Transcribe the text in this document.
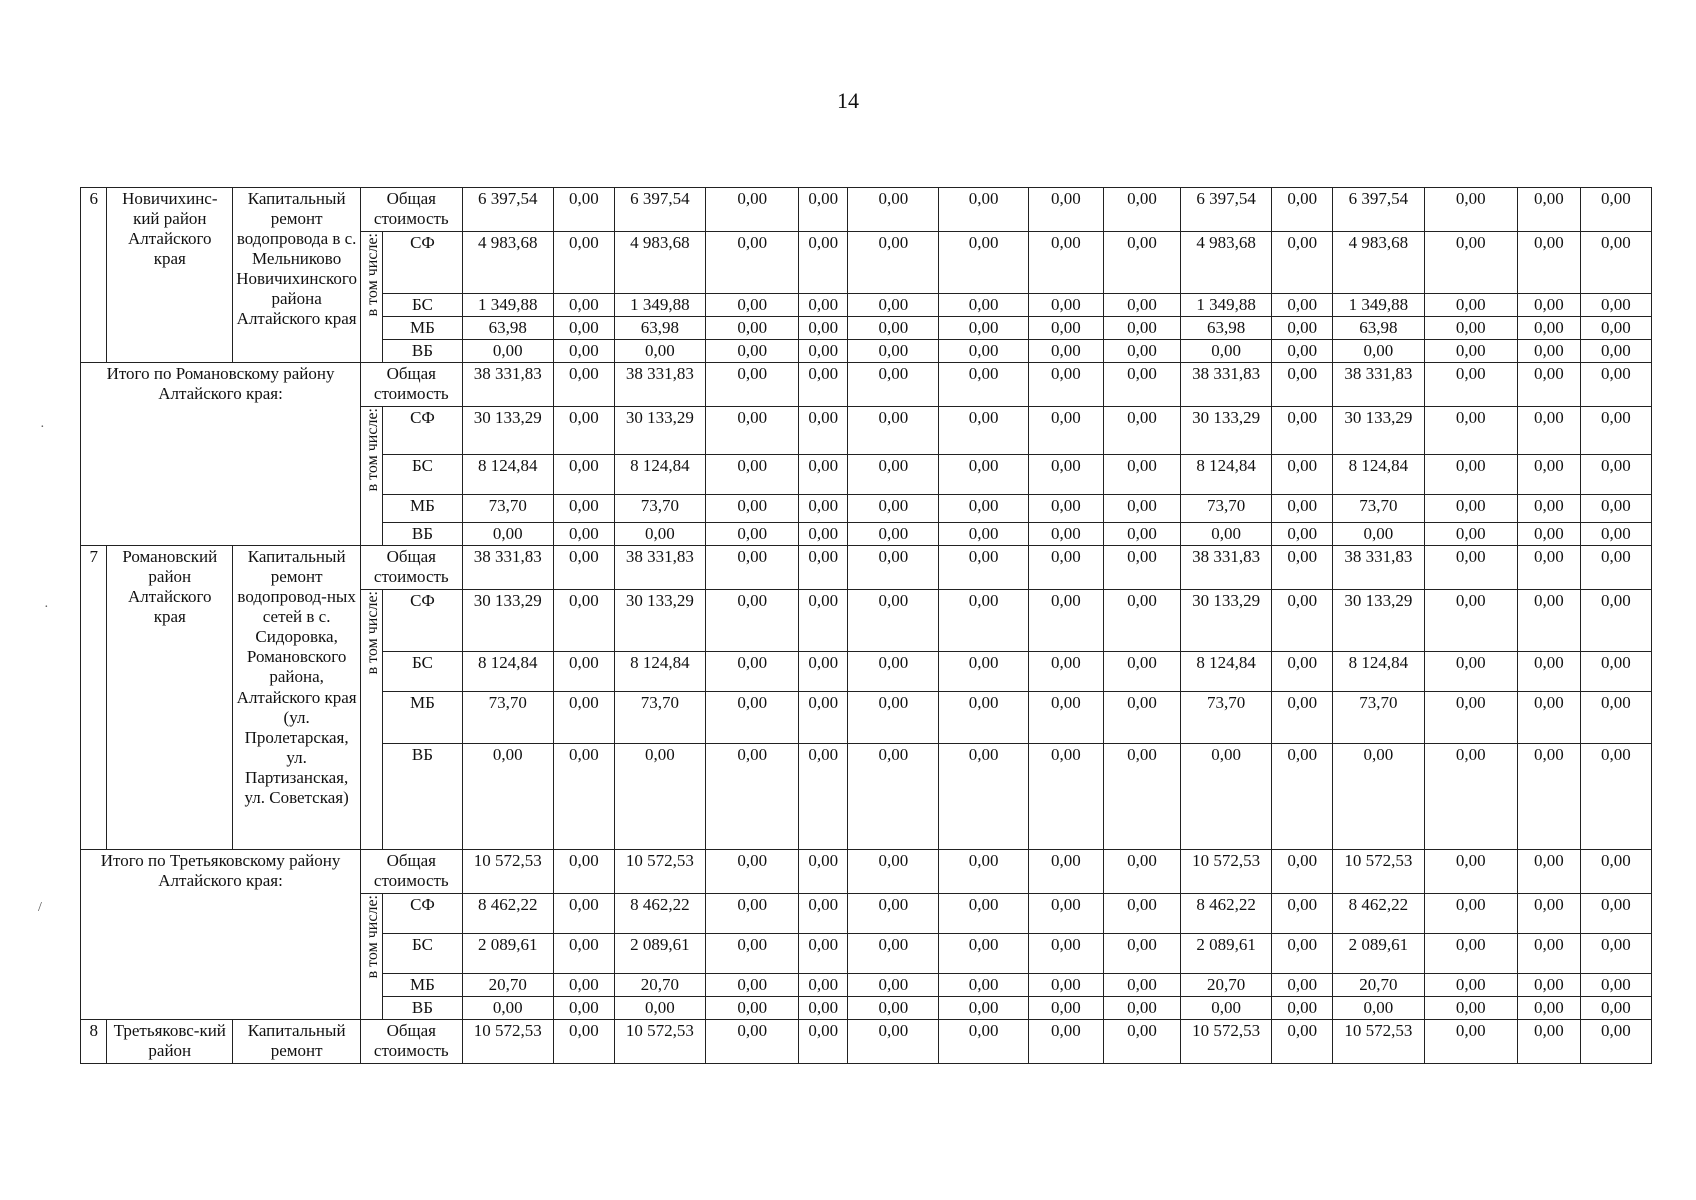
14
6	Новичихинс-кий район Алтайского края	Капитальный ремонт водопровода в с. Мельниково Новичихинского района Алтайского края	Общая стоимость		6 397,54	0,00	6 397,54	0,00	0,00	0,00	0,00	0,00	0,00	6 397,54	0,00	6 397,54	0,00	0,00	0,00
			в том числе:	СФ	4 983,68	0,00	4 983,68	0,00	0,00	0,00	0,00	0,00	0,00	4 983,68	0,00	4 983,68	0,00	0,00	0,00
				БС	1 349,88	0,00	1 349,88	0,00	0,00	0,00	0,00	0,00	0,00	1 349,88	0,00	1 349,88	0,00	0,00	0,00
				МБ	63,98	0,00	63,98	0,00	0,00	0,00	0,00	0,00	0,00	63,98	0,00	63,98	0,00	0,00	0,00
				ВБ	0,00	0,00	0,00	0,00	0,00	0,00	0,00	0,00	0,00	0,00	0,00	0,00	0,00	0,00	0,00
Итого по Романовскому району Алтайского края:			Общая стоимость		38 331,83	0,00	38 331,83	0,00	0,00	0,00	0,00	0,00	0,00	38 331,83	0,00	38 331,83	0,00	0,00	0,00
			в том числе:	СФ	30 133,29	0,00	30 133,29	0,00	0,00	0,00	0,00	0,00	0,00	30 133,29	0,00	30 133,29	0,00	0,00	0,00
				БС	8 124,84	0,00	8 124,84	0,00	0,00	0,00	0,00	0,00	0,00	8 124,84	0,00	8 124,84	0,00	0,00	0,00
				МБ	73,70	0,00	73,70	0,00	0,00	0,00	0,00	0,00	0,00	73,70	0,00	73,70	0,00	0,00	0,00
				ВБ	0,00	0,00	0,00	0,00	0,00	0,00	0,00	0,00	0,00	0,00	0,00	0,00	0,00	0,00	0,00
7	Романовский район Алтайского края	Капитальный ремонт водопровод-ных сетей в с. Сидоровка, Романовского района, Алтайского края (ул. Пролетарская, ул. Партизанская, ул. Советская)	Общая стоимость		38 331,83	0,00	38 331,83	0,00	0,00	0,00	0,00	0,00	0,00	38 331,83	0,00	38 331,83	0,00	0,00	0,00
			в том числе:	СФ	30 133,29	0,00	30 133,29	0,00	0,00	0,00	0,00	0,00	0,00	30 133,29	0,00	30 133,29	0,00	0,00	0,00
				БС	8 124,84	0,00	8 124,84	0,00	0,00	0,00	0,00	0,00	0,00	8 124,84	0,00	8 124,84	0,00	0,00	0,00
				МБ	73,70	0,00	73,70	0,00	0,00	0,00	0,00	0,00	0,00	73,70	0,00	73,70	0,00	0,00	0,00
				ВБ	0,00	0,00	0,00	0,00	0,00	0,00	0,00	0,00	0,00	0,00	0,00	0,00	0,00	0,00	0,00
Итого по Третьяковскому району Алтайского края:			Общая стоимость		10 572,53	0,00	10 572,53	0,00	0,00	0,00	0,00	0,00	0,00	10 572,53	0,00	10 572,53	0,00	0,00	0,00
			в том числе:	СФ	8 462,22	0,00	8 462,22	0,00	0,00	0,00	0,00	0,00	0,00	8 462,22	0,00	8 462,22	0,00	0,00	0,00
				БС	2 089,61	0,00	2 089,61	0,00	0,00	0,00	0,00	0,00	0,00	2 089,61	0,00	2 089,61	0,00	0,00	0,00
				МБ	20,70	0,00	20,70	0,00	0,00	0,00	0,00	0,00	0,00	20,70	0,00	20,70	0,00	0,00	0,00
				ВБ	0,00	0,00	0,00	0,00	0,00	0,00	0,00	0,00	0,00	0,00	0,00	0,00	0,00	0,00	0,00
8	Третьяковс-кий район	Капитальный ремонт	Общая стоимость		10 572,53	0,00	10 572,53	0,00	0,00	0,00	0,00	0,00	0,00	10 572,53	0,00	10 572,53	0,00	0,00	0,00
·
·
/
